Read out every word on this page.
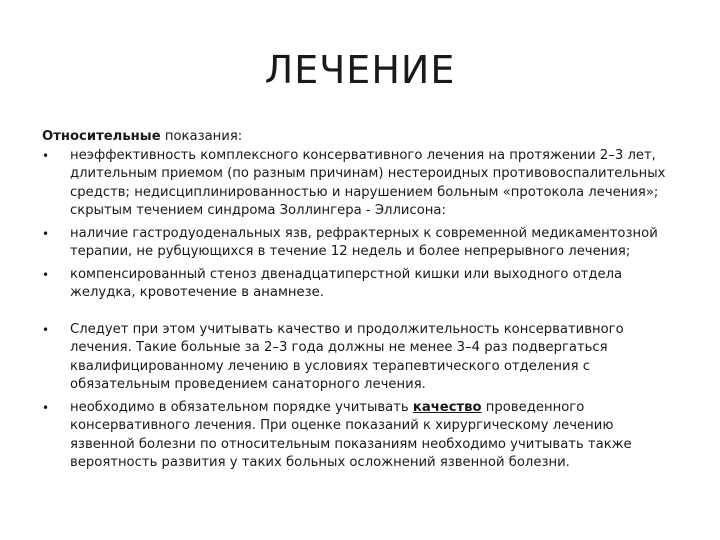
ЛЕЧЕНИЕ

Относительные показания:

• неэффективность комплексного консервативного лечения на протяжении 2–3 лет, длительным приемом (по разным причинам) нестероидных противовоспалительных средств; недисциплинированностью и нарушением больным «протокола лечения»; скрытым течением синдрома Золлингера - Эллисона:
• наличие гастродуоденальных язв, рефрактерных к современной медикаментозной терапии, не рубцующихся в течение 12 недель и более непрерывного лечения;
• компенсированный стеноз двенадцатиперстной кишки или выходного отдела желудка, кровотечение в анамнезе.
• Следует при этом учитывать качество и продолжительность консервативного лечения. Такие больные за 2–3 года должны не менее 3–4 раз подвергаться квалифицированному лечению в условиях терапевтического отделения с обязательным проведением санаторного лечения.
• необходимо в обязательном порядке учитывать качество проведенного консервативного лечения. При оценке показаний к хирургическому лечению язвенной болезни по относительным показаниям необходимо учитывать также вероятность развития у таких больных осложнений язвенной болезни.
